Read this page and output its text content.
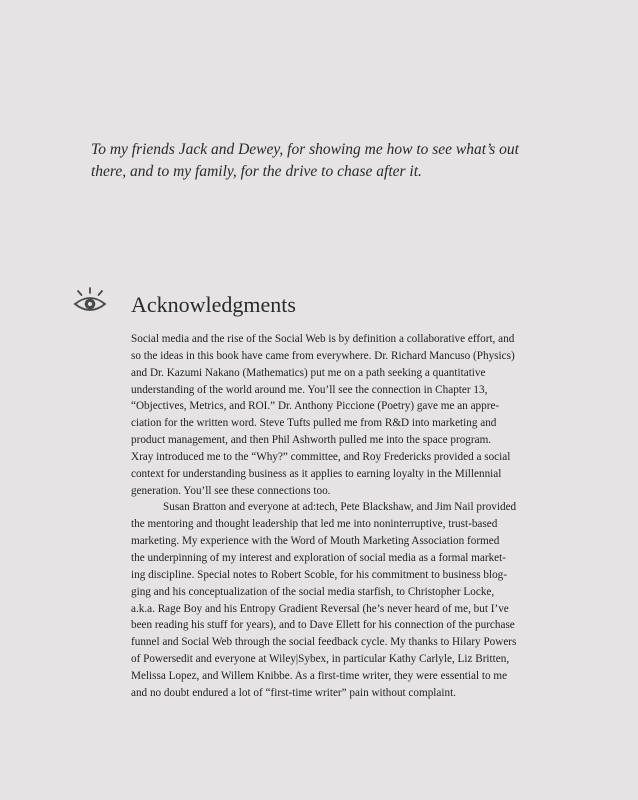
To my friends Jack and Dewey, for showing me how to see what’s out
there, and to my family, for the drive to chase after it.

Acknowledgments
Social media and the rise of the Social Web is by definition a collaborative effort, and
so the ideas in this book have came from everywhere. Dr. Richard Mancuso (Physics)
and Dr. Kazumi Nakano (Mathematics) put me on a path seeking a quantitative
understanding of the world around me. You’ll see the connection in Chapter 13,
“Objectives, Metrics, and ROI.” Dr. Anthony Piccione (Poetry) gave me an appre-
ciation for the written word. Steve Tufts pulled me from R&D into marketing and
product management, and then Phil Ashworth pulled me into the space program.
Xray introduced me to the “Why?” committee, and Roy Fredericks provided a social
context for understanding business as it applies to earning loyalty in the Millennial
generation. You’ll see these connections too.
Susan Bratton and everyone at ad:tech, Pete Blackshaw, and Jim Nail provided
the mentoring and thought leadership that led me into noninterruptive, trust-based
marketing. My experience with the Word of Mouth Marketing Association formed
the underpinning of my interest and exploration of social media as a formal market-
ing discipline. Special notes to Robert Scoble, for his commitment to business blog-
ging and his conceptualization of the social media starfish, to Christopher Locke,
a.k.a. Rage Boy and his Entropy Gradient Reversal (he’s never heard of me, but I’ve
been reading his stuff for years), and to Dave Ellett for his connection of the purchase
funnel and Social Web through the social feedback cycle. My thanks to Hilary Powers
of Powersedit and everyone at Wiley|Sybex, in particular Kathy Carlyle, Liz Britten,
Melissa Lopez, and Willem Knibbe. As a first-time writer, they were essential to me
and no doubt endured a lot of “first-time writer” pain without complaint.
